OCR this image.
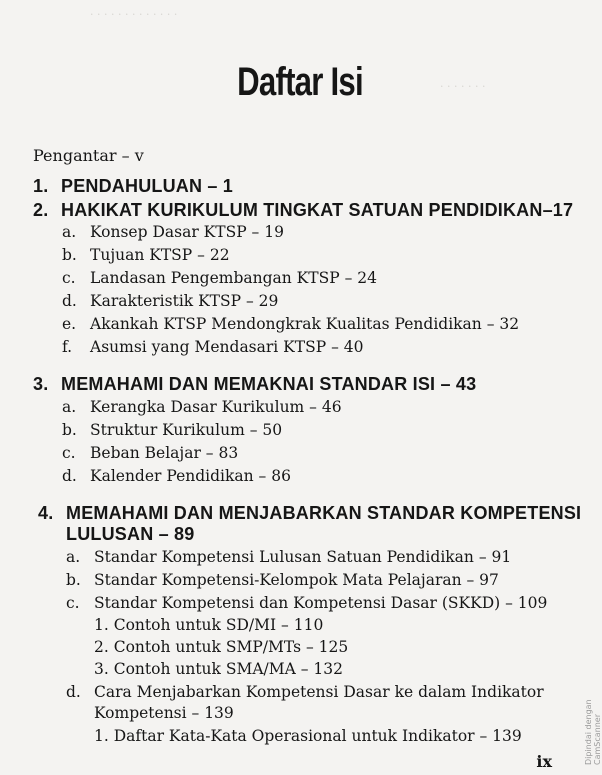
· · · · · · · · · · · · ·
· · · · · · ·
Daftar Isi
Pengantar – v
1. PENDAHULUAN – 1
2. HAKIKAT KURIKULUM TINGKAT SATUAN PENDIDIKAN–17
a. Konsep Dasar KTSP – 19
b. Tujuan KTSP – 22
c. Landasan Pengembangan KTSP – 24
d. Karakteristik KTSP – 29
e. Akankah KTSP Mendongkrak Kualitas Pendidikan – 32
f. Asumsi yang Mendasari KTSP – 40
3. MEMAHAMI DAN MEMAKNAI STANDAR ISI – 43
a. Kerangka Dasar Kurikulum – 46
b. Struktur Kurikulum – 50
c. Beban Belajar – 83
d. Kalender Pendidikan – 86
4. MEMAHAMI DAN MENJABARKAN STANDAR KOMPETENSI
LULUSAN – 89
a. Standar Kompetensi Lulusan Satuan Pendidikan – 91
b. Standar Kompetensi-Kelompok Mata Pelajaran – 97
c. Standar Kompetensi dan Kompetensi Dasar (SKKD) – 109
1. Contoh untuk SD/MI – 110
2. Contoh untuk SMP/MTs – 125
3. Contoh untuk SMA/MA – 132
d. Cara Menjabarkan Kompetensi Dasar ke dalam Indikator
Kompetensi – 139
1. Daftar Kata-Kata Operasional untuk Indikator – 139
ix	Dipindai dengan CamScanner
